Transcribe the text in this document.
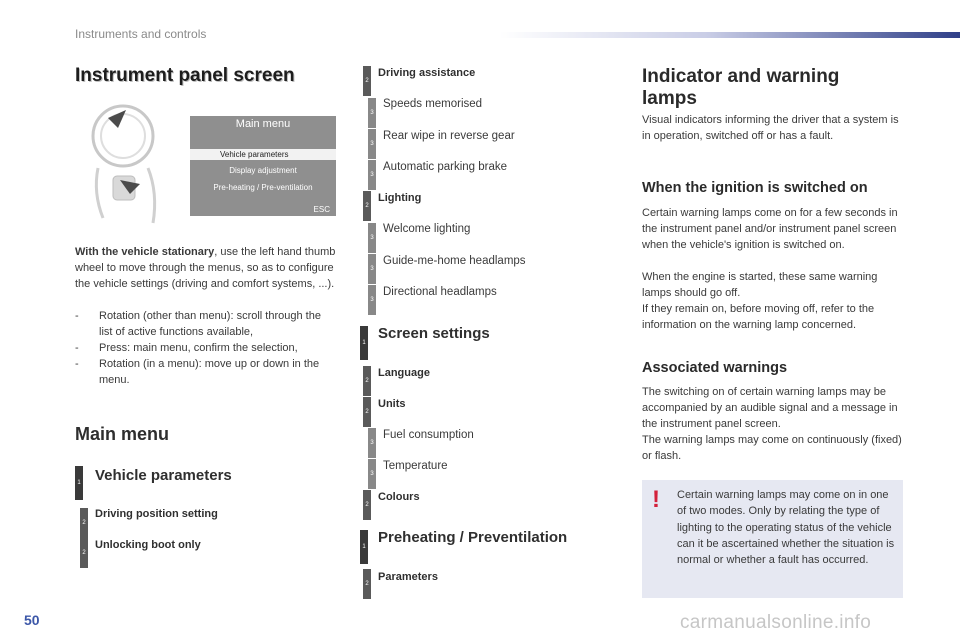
Instruments and controls
Instrument panel screen
Main menu
Vehicle parameters
Display adjustment
Pre-heating / Pre-ventilation
ESC
With the vehicle stationary, use the left hand thumb wheel to move through the menus, so as to configure the vehicle settings (driving and comfort systems, ...).
- Rotation (other than menu): scroll through the list of active functions available,
- Press: main menu, confirm the selection,
- Rotation (in a menu): move up or down in the menu.
Main menu
1 Vehicle parameters
2
Driving position setting
2
Unlocking boot only
2
Driving assistance
3
Speeds memorised
3
Rear wipe in reverse gear
3
Automatic parking brake
2
Lighting
3
Welcome lighting
3
Guide-me-home headlamps
3
Directional headlamps
1
Screen settings
2
Language
2
Units
3
Fuel consumption
3
Temperature
2
Colours
1
Preheating / Preventilation
2
Parameters
Indicator and warning lamps
Visual indicators informing the driver that a system is in operation, switched off or has a fault.
When the ignition is switched on
Certain warning lamps come on for a few seconds in the instrument panel and/or instrument panel screen when the vehicle's ignition is switched on.
When the engine is started, these same warning lamps should go off.
If they remain on, before moving off, refer to the information on the warning lamp concerned.
Associated warnings
The switching on of certain warning lamps may be accompanied by an audible signal and a message in the instrument panel screen.
The warning lamps may come on continuously (fixed) or flash.
! Certain warning lamps may come on in one of two modes. Only by relating the type of lighting to the operating status of the vehicle can it be ascertained whether the situation is normal or whether a fault has occurred.
50	carmanualsonline.info
